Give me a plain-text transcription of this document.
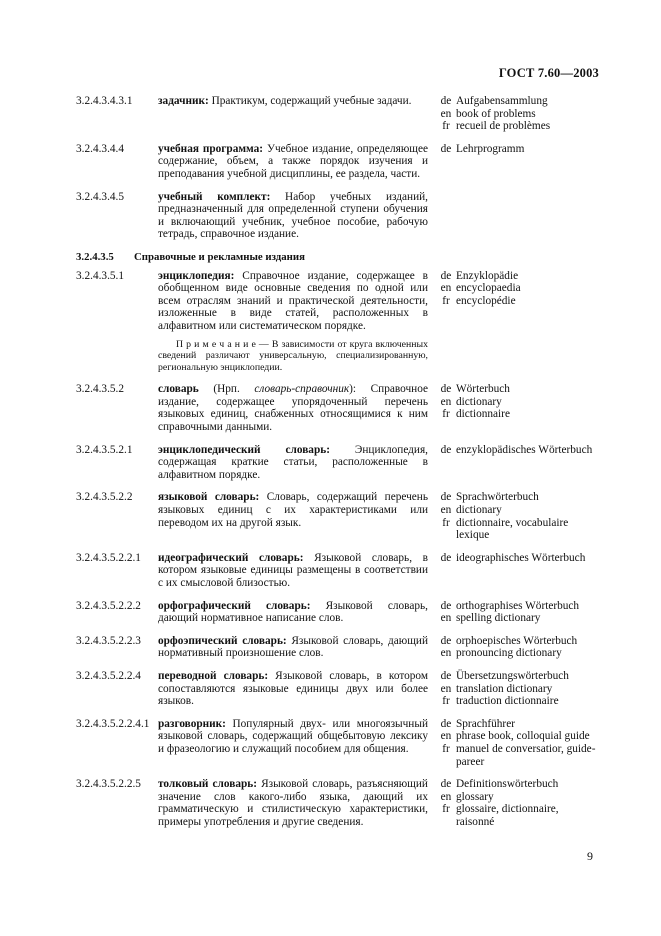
ГОСТ 7.60—2003
3.2.4.3.4.3.1	задачник: Практикум, содержащий учебные задачи.	de Aufgabensammlung
en book of problems
fr recueil de problèmes
3.2.4.3.4.4	учебная программа: Учебное издание, определяющее содержание, объем, а также порядок изучения и преподавания учебной дисциплины, ее раздела, части.
de Lehrprogramm
3.2.4.3.4.5	учебный комплект: Набор учебных изданий, предназначенный для определенной ступени обучения и включающий учебник, учебное пособие, рабочую тетрадь, справочное издание.
3.2.4.3.5	Справочные и рекламные издания
3.2.4.3.5.1	энциклопедия: Справочное издание, содержащее в обобщенном виде основные сведения по одной или всем отраслям знаний и практической деятельности, изложенные в виде статей, расположенных в алфавитном или систематическом порядке.
П р и м е ч а н и е — В зависимости от круга включенных сведений различают универсальную, специализированную, региональную энциклопедии.
de Enzyklopädie
en encyclopaedia
fr encyclopédie
3.2.4.3.5.2	словарь (Нрп. словарь-справочник): Справочное издание, содержащее упорядоченный перечень языковых единиц, снабженных относящимися к ним справочными данными.
de Wörterbuch
en dictionary
fr dictionnaire
3.2.4.3.5.2.1	энциклопедический словарь: Энциклопедия, содержащая краткие статьи, расположенные в алфавитном порядке.
de enzyklopädisches Wörterbuch
3.2.4.3.5.2.2	языковой словарь: Словарь, содержащий перечень языковых единиц с их характеристиками или переводом их на другой язык.
de Sprachwörterbuch
en dictionary
fr dictionnaire, vocabulaire lexique
3.2.4.3.5.2.2.1	идеографический словарь: Языковой словарь, в котором языковые единицы размещены в соответствии с их смысловой близостью.
de ideographisches Wörterbuch
3.2.4.3.5.2.2.2	орфографический словарь: Языковой словарь, дающий нормативное написание слов.
de orthographises Wörterbuch
en spelling dictionary
3.2.4.3.5.2.2.3	орфоэпический словарь: Языковой словарь, дающий нормативный произношение слов.
de orphoepisches Wörterbuch
en pronouncing dictionary
3.2.4.3.5.2.2.4	переводной словарь: Языковой словарь, в котором сопоставляются языковые единицы двух или более языков.
de Übersetzungswörterbuch
en translation dictionary
fr traduction dictionnaire
3.2.4.3.5.2.2.4.1 разговорник: Популярный двух- или многоязычный языковой словарь, содержащий общебытовую лексику и фразеологию и служащий пособием для общения.
de Sprachführer
en phrase book, colloquial guide
fr manuel de conversatior, guide-pareer
3.2.4.3.5.2.2.5	толковый словарь: Языковой словарь, разъясняющий значение слов какого-либо языка, дающий их грамматическую и стилистическую характеристики, примеры употребления и другие сведения.
de Definitionswörterbuch
en glossary
fr glossaire, dictionnaire, raisonné
9
